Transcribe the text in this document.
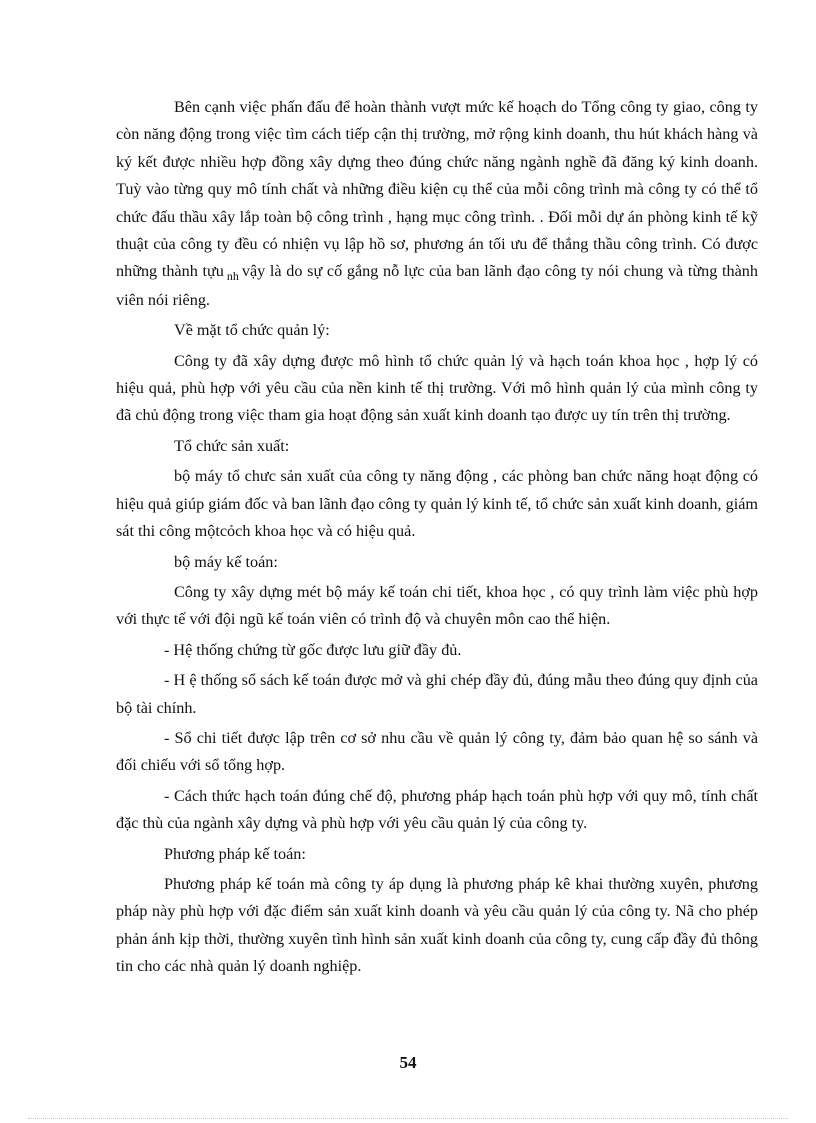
Bên cạnh việc phấn đấu để hoàn thành vượt mức kế hoạch do Tổng công ty giao, công ty còn năng động trong việc tìm cách tiếp cận thị trường, mở rộng kinh doanh, thu hút khách hàng và ký kết được nhiều hợp đồng xây dựng theo đúng chức năng ngành nghề đã đăng ký kinh doanh. Tuỳ vào từng quy mô tính chất và những điều kiện cụ thể của mỗi công trình mà công ty có thể tổ chức đấu thầu xây lắp toàn bộ công trình , hạng mục công trình. . Đối mỗi dự án phòng kinh tế kỹ thuật của công ty đều có nhiện vụ lập hồ sơ, phương án tối ưu để thắng thầu công trình. Có được những thành tựu $_{nh}$ vậy là do sự cố gắng nỗ lực của ban lãnh đạo công ty nói chung và từng thành viên nói riêng.

Về mặt tổ chức quản lý:

Công ty đã xây dựng được mô hình tổ chức quản lý và hạch toán khoa học , hợp lý có hiệu quả, phù hợp với yêu cầu của nền kinh tế thị trường. Với mô hình quản lý của mình công ty đã chủ động trong việc tham gia hoạt động sản xuất kinh doanh tạo được uy tín trên thị trường.

Tổ chức sản xuất:

bộ máy tổ chưc sản xuất của công ty năng động , các phòng ban chức năng hoạt động có hiệu quả giúp giám đốc và ban lãnh đạo công ty quản lý kinh tế, tổ chức sản xuất kinh doanh, giám sát thi công mộtcỏch khoa học và có hiệu quả.

bộ máy kế toán:

Công ty xây dựng mét bộ máy kế toán chi tiết, khoa học , có quy trình làm việc phù hợp với thực tế với đội ngũ kế toán viên có trình độ và chuyên môn cao thể hiện.

- Hệ thống chứng từ gốc được lưu giữ đầy đủ.

- H ệ thống sổ sách kế toán được mở và ghi chép đầy đủ, đúng mẫu theo đúng quy định của bộ tài chính.

- Sổ chi tiết được lập trên cơ sở nhu cầu về quản lý công ty, đảm bảo quan hệ so sánh và đối chiếu với sổ tổng hợp.

- Cách thức hạch toán đúng chế độ, phương pháp hạch toán phù hợp với quy mô, tính chất đặc thù của ngành xây dựng và phù hợp với yêu cầu quản lý của công ty.

Phương pháp kế toán:

Phương pháp kế toán mà công ty áp dụng là phương pháp kê khai thường xuyên, phương pháp này phù hợp với đặc điểm sản xuất kinh doanh và yêu cầu quản lý của công ty. Nã cho phép phản ánh kịp thời, thường xuyên tình hình sản xuất kinh doanh của công ty, cung cấp đầy đủ thông tin cho các nhà quản lý doanh nghiệp.

54
